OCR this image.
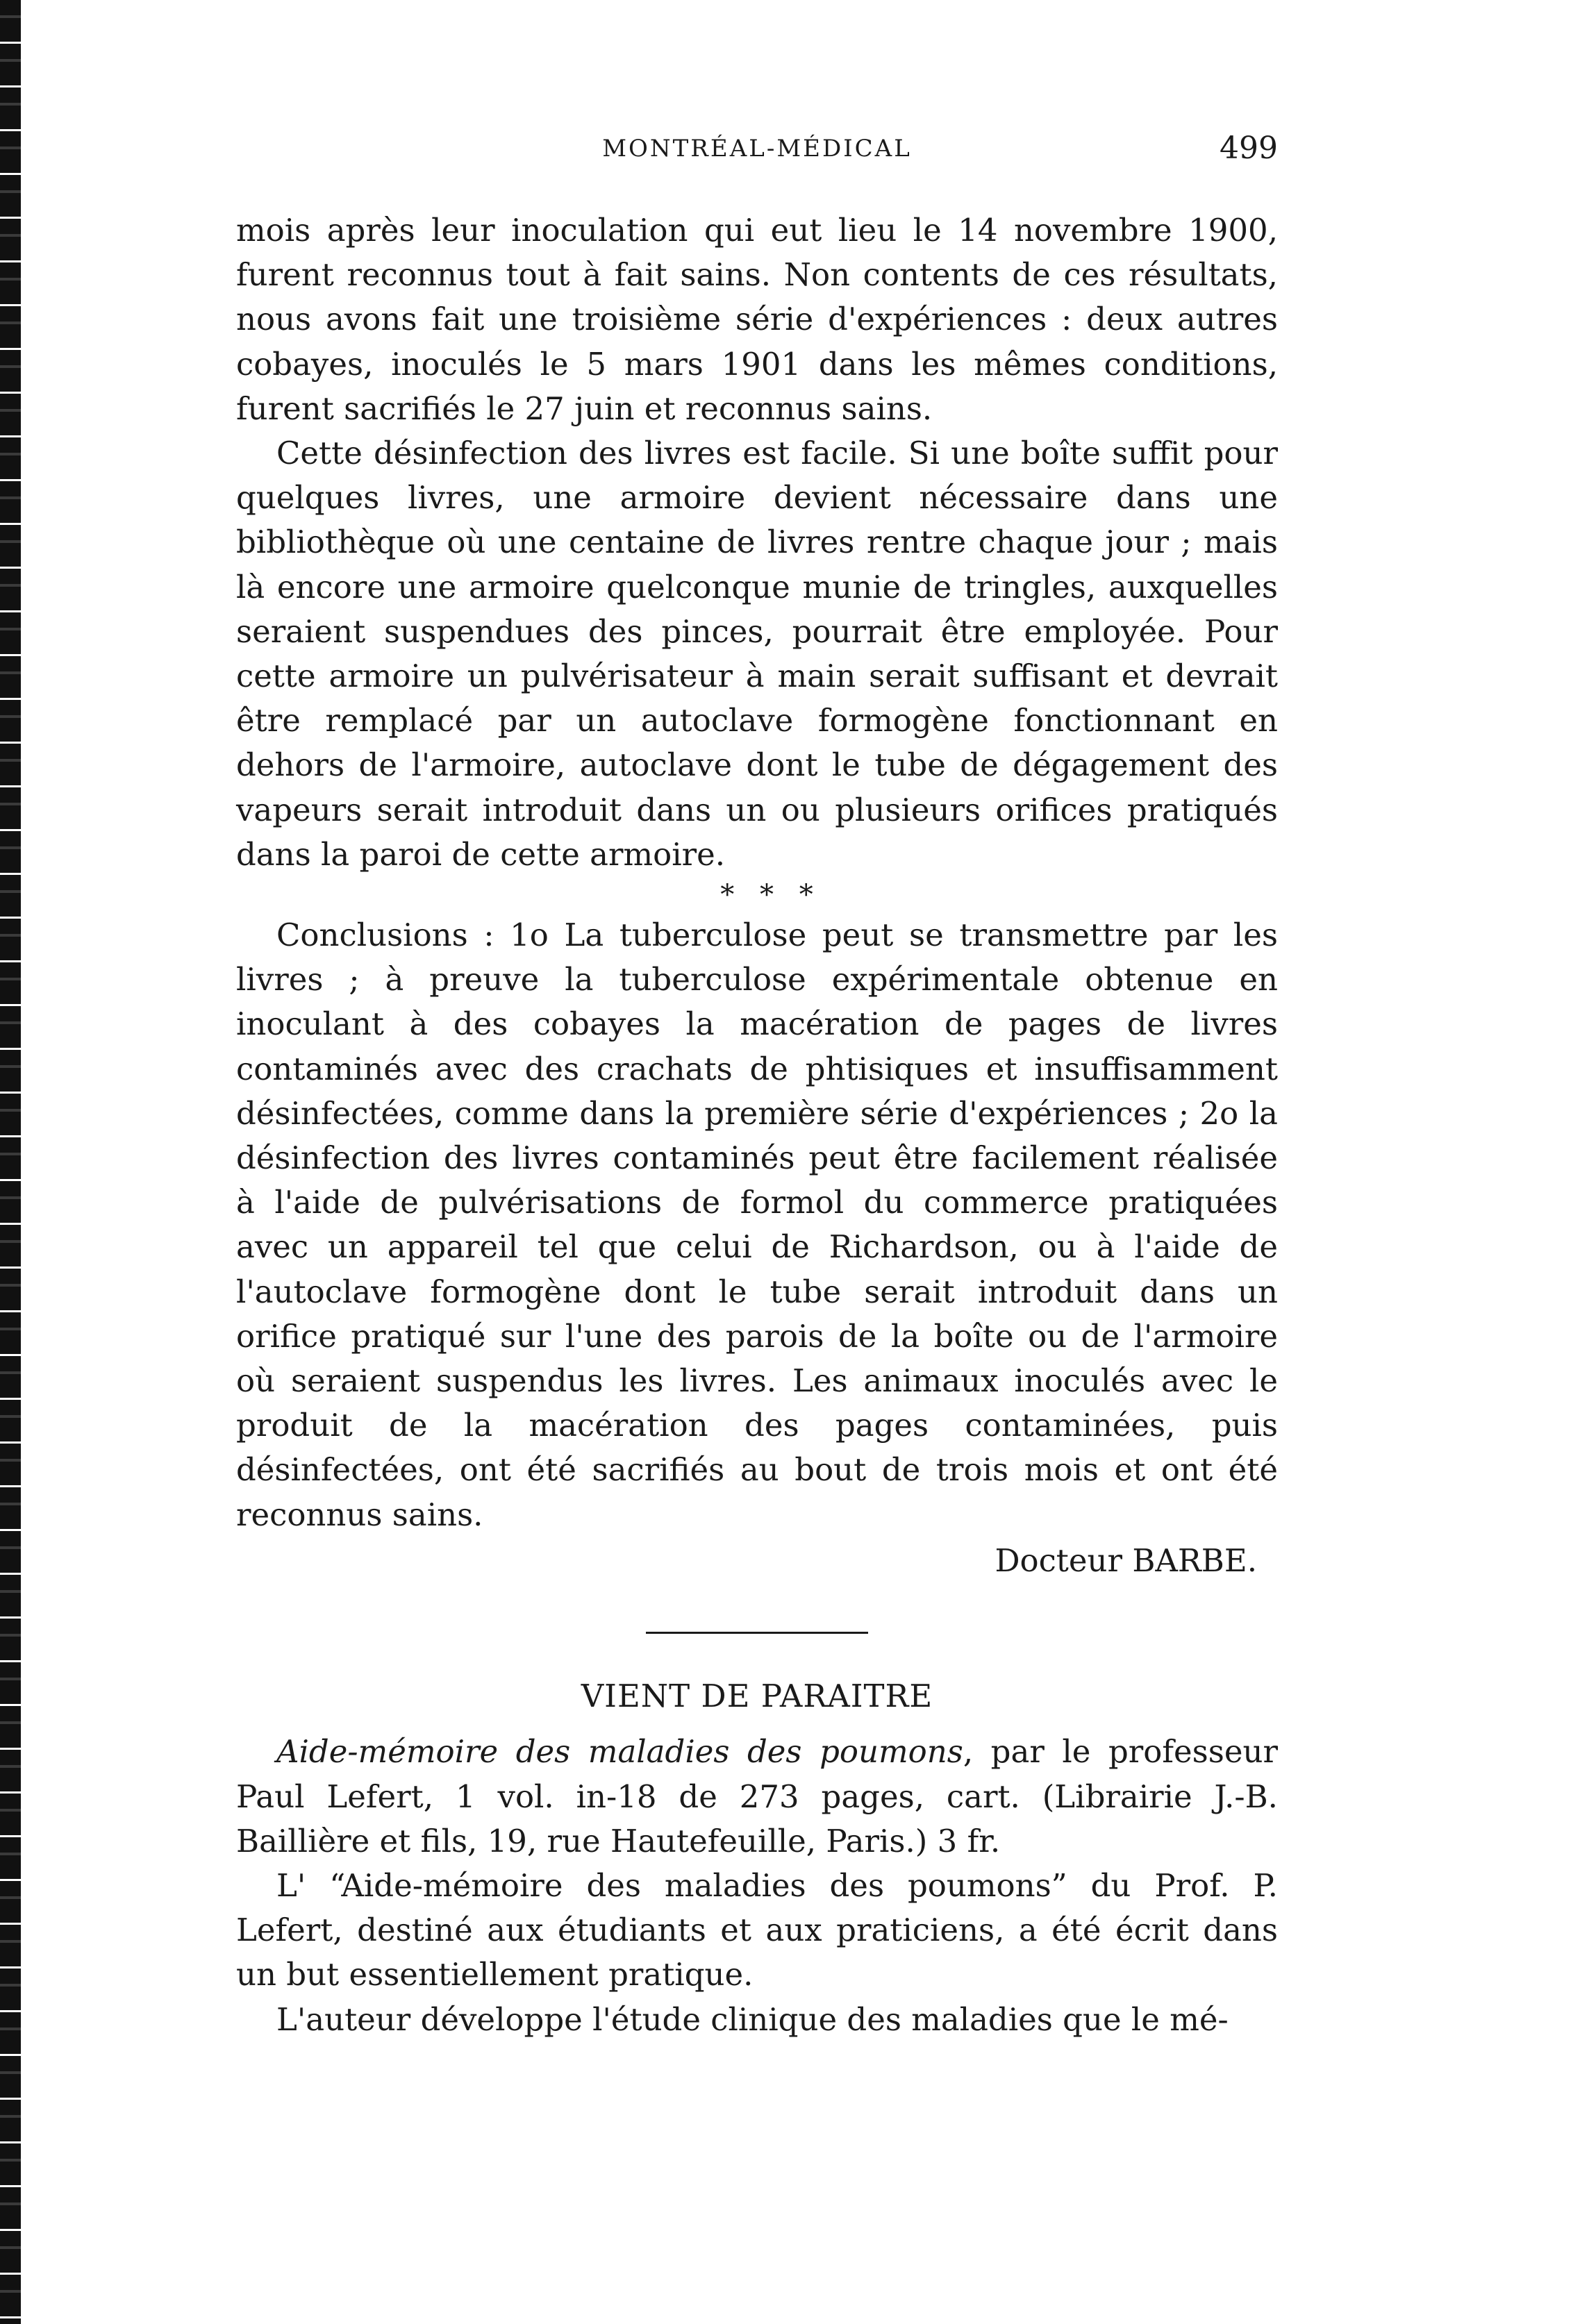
MONTRÉAL-MÉDICAL	499

mois après leur inoculation qui eut lieu le 14 novembre 1900, furent reconnus tout à fait sains. Non contents de ces résultats, nous avons fait une troisième série d'expériences : deux autres cobayes, inoculés le 5 mars 1901 dans les mêmes conditions, furent sacrifiés le 27 juin et reconnus sains.

Cette désinfection des livres est facile. Si une boîte suffit pour quelques livres, une armoire devient nécessaire dans une bibliothèque où une centaine de livres rentre chaque jour ; mais là encore une armoire quelconque munie de tringles, auxquelles seraient suspendues des pinces, pourrait être employée. Pour cette armoire un pulvérisateur à main serait suffisant et devrait être remplacé par un autoclave formogène fonctionnant en dehors de l'armoire, autoclave dont le tube de dégagement des vapeurs serait introduit dans un ou plusieurs orifices pratiqués dans la paroi de cette armoire.

* * *

Conclusions : 1o La tuberculose peut se transmettre par les livres ; à preuve la tuberculose expérimentale obtenue en inoculant à des cobayes la macération de pages de livres contaminés avec des crachats de phtisiques et insuffisamment désinfectées, comme dans la première série d'expériences ; 2o la désinfection des livres contaminés peut être facilement réalisée à l'aide de pulvérisations de formol du commerce pratiquées avec un appareil tel que celui de Richardson, ou à l'aide de l'autoclave formogène dont le tube serait introduit dans un orifice pratiqué sur l'une des parois de la boîte ou de l'armoire où seraient suspendus les livres. Les animaux inoculés avec le produit de la macération des pages contaminées, puis désinfectées, ont été sacrifiés au bout de trois mois et ont été reconnus sains.

Docteur BARBE.
VIENT DE PARAITRE

Aide-mémoire des maladies des poumons, par le professeur Paul Lefert, 1 vol. in-18 de 273 pages, cart. (Librairie J.-B. Baillière et fils, 19, rue Hautefeuille, Paris.) 3 fr.

L' “Aide-mémoire des maladies des poumons” du Prof. P. Lefert, destiné aux étudiants et aux praticiens, a été écrit dans un but essentiellement pratique.

L'auteur développe l'étude clinique des maladies que le mé-
